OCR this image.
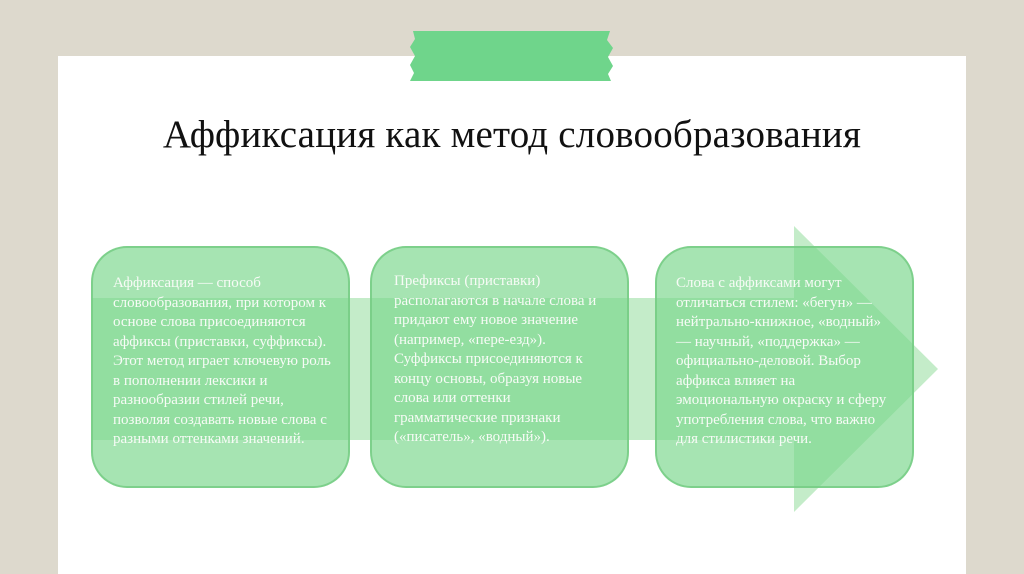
Аффиксация как метод словообразования

Аффиксация — способ словообразования, при котором к основе слова присоединяются аффиксы (приставки, суффиксы). Этот метод играет ключевую роль в пополнении лексики и разнообразии стилей речи, позволяя создавать новые слова с разными оттенками значений.

Префиксы (приставки) располагаются в начале слова и придают ему новое значение (например, «пере-езд»). Суффиксы присоединяются к концу основы, образуя новые слова или оттенки грамматические признаки («писатель», «водный»).

Слова с аффиксами могут отличаться стилем: «бегун» — нейтрально-книжное, «водный» — научный, «поддержка» — официально-деловой. Выбор аффикса влияет на эмоциональную окраску и сферу употребления слова, что важно для стилистики речи.
